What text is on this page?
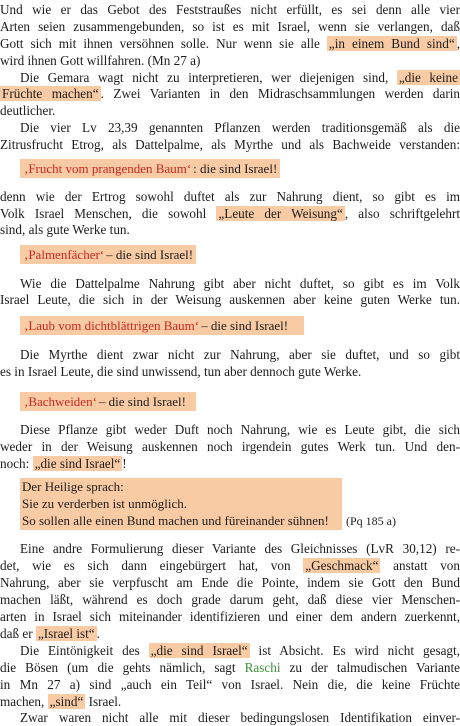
Und wie er das Gebot des Feststraußes nicht erfüllt, es sei denn alle vier
Arten seien zusammengebunden, so ist es mit Israel, wenn sie verlangen, daß
Gott sich mit ihnen versöhnen solle. Nur wenn sie alle „in einem Bund sind“ ,
wird ihnen Gott willfahren. (Mn 27 a)
Die Gemara wagt nicht zu interpretieren, wer diejenigen sind, „die keine
Früchte machen“ . Zwei Varianten in den Midraschsammlungen werden darin
deutlicher.
Die vier Lv 23,39 genannten Pflanzen werden traditionsgemäß als die
Zitrusfrucht Etrog, als Dattelpalme, als Myrthe und als Bachweide verstanden:
‚Frucht vom prangenden Baum‘ : die sind Israel!
denn wie der Ertrog sowohl duftet als zur Nahrung dient, so gibt es im
Volk Israel Menschen, die sowohl „Leute der Weisung“ , also schriftgelehrt
sind, als gute Werke tun.
‚Palmenfächer‘– die sind Israel!
Wie die Dattelpalme Nahrung gibt aber nicht duftet, so gibt es im Volk
Israel Leute, die sich in der Weisung auskennen aber keine guten Werke tun.
‚Laub vom dichtblättrigen Baum‘– die sind Israel!
Die Myrthe dient zwar nicht zur Nahrung, aber sie duftet, und so gibt
es in Israel Leute, die sind unwissend, tun aber dennoch gute Werke.
‚Bachweiden‘– die sind Israel!
Diese Pflanze gibt weder Duft noch Nahrung, wie es Leute gibt, die sich
weder in der Weisung auskennen noch irgendein gutes Werk tun. Und den-
noch: „die sind Israel“ !
Der Heilige sprach:
Sie zu verderben ist unmöglich.
So sollen alle einen Bund machen und füreinander sühnen!	(Pq 185 a)
Eine andre Formulierung dieser Variante des Gleichnisses (LvR 30,12) re-
det, wie es sich dann eingebürgert hat, von „Geschmack“ anstatt von
Nahrung, aber sie verpfuscht am Ende die Pointe, indem sie Gott den Bund
machen läßt, während es doch grade darum geht, daß diese vier Menschen-
arten in Israel sich miteinander identifizieren und einer dem andern zuerkennt,
daß er „Israel ist“ .
Die Eintönigkeit des „die sind Israel“ ist Absicht. Es wird nicht gesagt,
die Bösen (um die gehts nämlich, sagt Raschi zu der talmudischen Variante
in Mn 27 a) sind „auch ein Teil“ von Israel. Nein die, die keine Früchte
machen, „sind“ Israel.
Zwar waren nicht alle mit dieser bedingungslosen Identifikation einver-
